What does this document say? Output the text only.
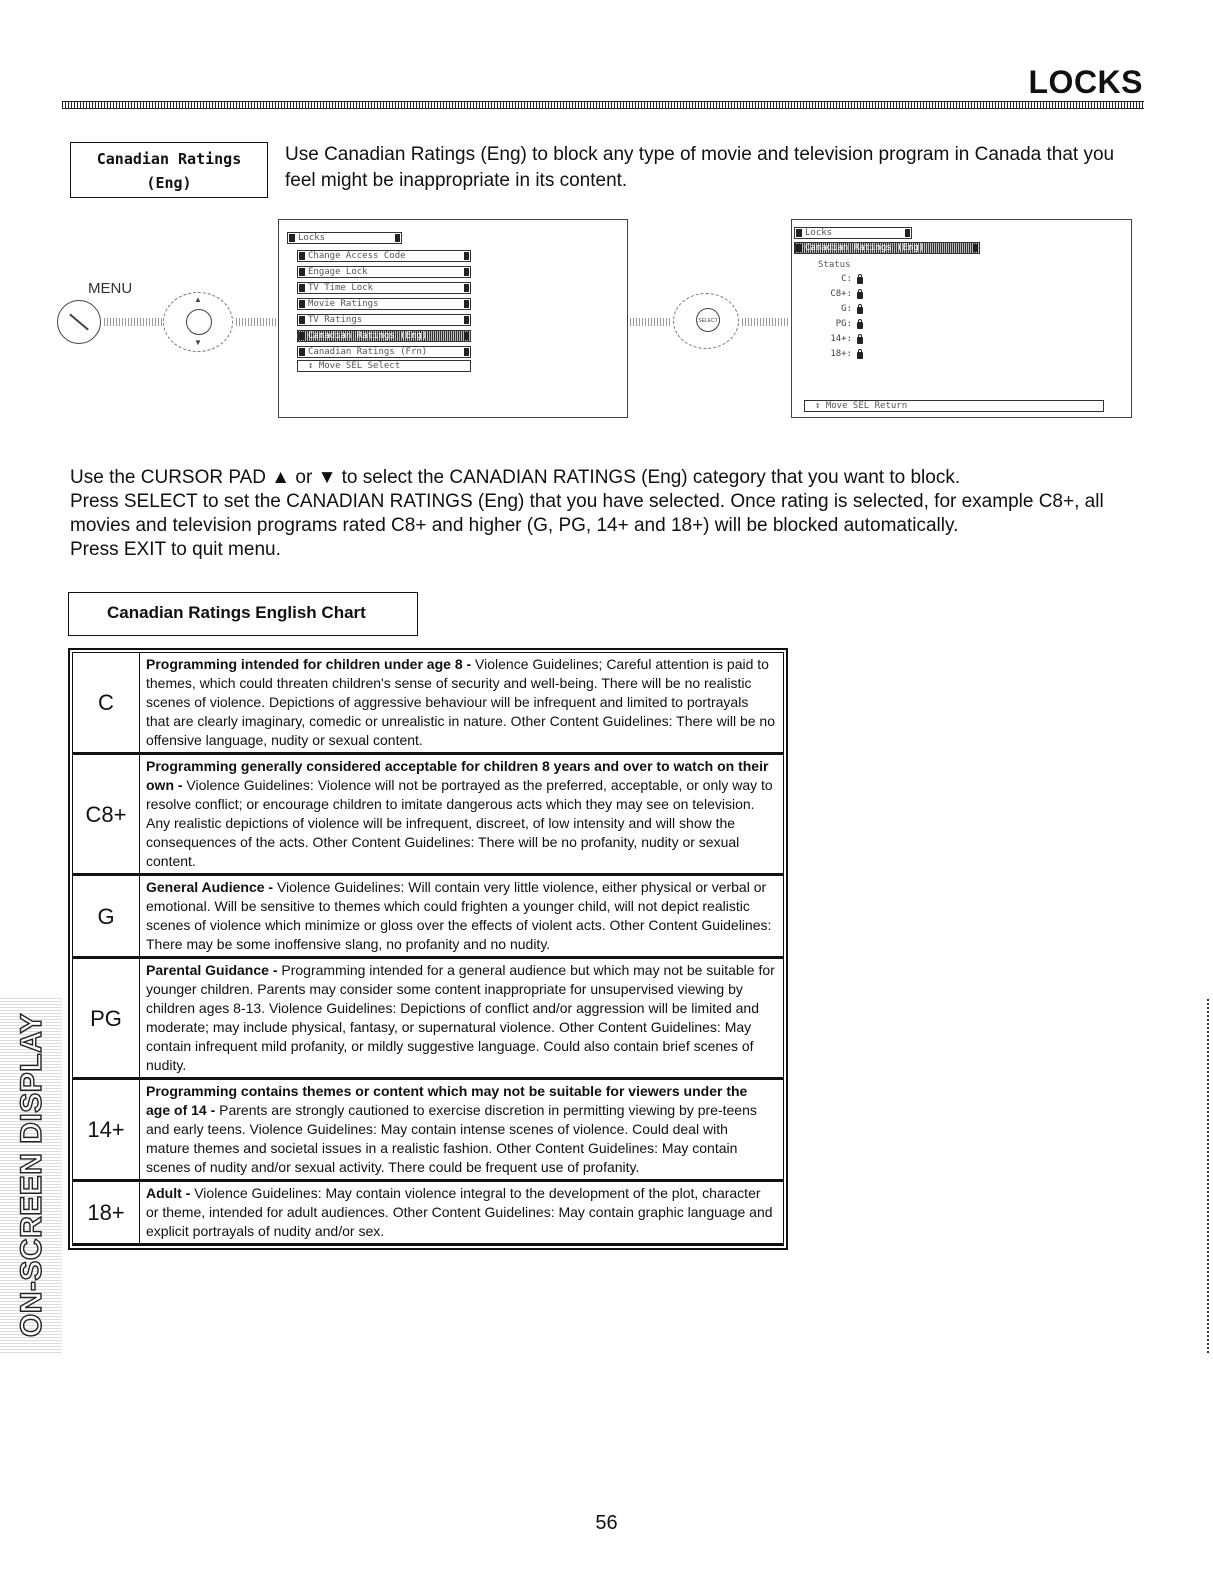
LOCKS
Canadian Ratings
(Eng)
Use Canadian Ratings (Eng) to block any type of movie and television program in Canada that you feel might be inappropriate in its content.
MENU
▲
▼
Locks
Change Access Code
Engage Lock
TV Time Lock
Movie Ratings
TV Ratings
Canadian Ratings (Eng)
Canadian Ratings (Frn)
↕ Move SEL Select
SELECT
Locks
Canadian Ratings (Eng)
Status
C:
C8+:
G:
PG:
14+:
18+:
↕ Move SEL Return

Use the CURSOR PAD ▲ or ▼ to select the CANADIAN RATINGS (Eng) category that you want to block.

Press SELECT to set the CANADIAN RATINGS (Eng) that you have selected. Once rating is selected, for example C8+, all movies and television programs rated C8+ and higher (G, PG, 14+ and 18+) will be blocked automatically.

Press EXIT to quit menu.

Canadian Ratings English Chart
C	Programming intended for children under age 8 - Violence Guidelines; Careful attention is paid to themes, which could threaten children's sense of security and well-being. There will be no realistic scenes of violence. Depictions of aggressive behaviour will be infrequent and limited to portrayals that are clearly imaginary, comedic or unrealistic in nature. Other Content Guidelines: There will be no offensive language, nudity or sexual content.
C8+	Programming generally considered acceptable for children 8 years and over to watch on their own - Violence Guidelines: Violence will not be portrayed as the preferred, acceptable, or only way to resolve conflict; or encourage children to imitate dangerous acts which they may see on television. Any realistic depictions of violence will be infrequent, discreet, of low intensity and will show the consequences of the acts. Other Content Guidelines: There will be no profanity, nudity or sexual content.
G	General Audience - Violence Guidelines: Will contain very little violence, either physical or verbal or emotional. Will be sensitive to themes which could frighten a younger child, will not depict realistic scenes of violence which minimize or gloss over the effects of violent acts. Other Content Guidelines: There may be some inoffensive slang, no profanity and no nudity.
PG	Parental Guidance - Programming intended for a general audience but which may not be suitable for younger children. Parents may consider some content inappropriate for unsupervised viewing by children ages 8-13. Violence Guidelines: Depictions of conflict and/or aggression will be limited and moderate; may include physical, fantasy, or supernatural violence. Other Content Guidelines: May contain infrequent mild profanity, or mildly suggestive language. Could also contain brief scenes of nudity.
14+	Programming contains themes or content which may not be suitable for viewers under the age of 14 - Parents are strongly cautioned to exercise discretion in permitting viewing by pre-teens and early teens. Violence Guidelines: May contain intense scenes of violence. Could deal with mature themes and societal issues in a realistic fashion. Other Content Guidelines: May contain scenes of nudity and/or sexual activity. There could be frequent use of profanity.
18+	Adult - Violence Guidelines: May contain violence integral to the development of the plot, character or theme, intended for adult audiences. Other Content Guidelines: May contain graphic language and explicit portrayals of nudity and/or sex.
ON-SCREEN DISPLAY
56
